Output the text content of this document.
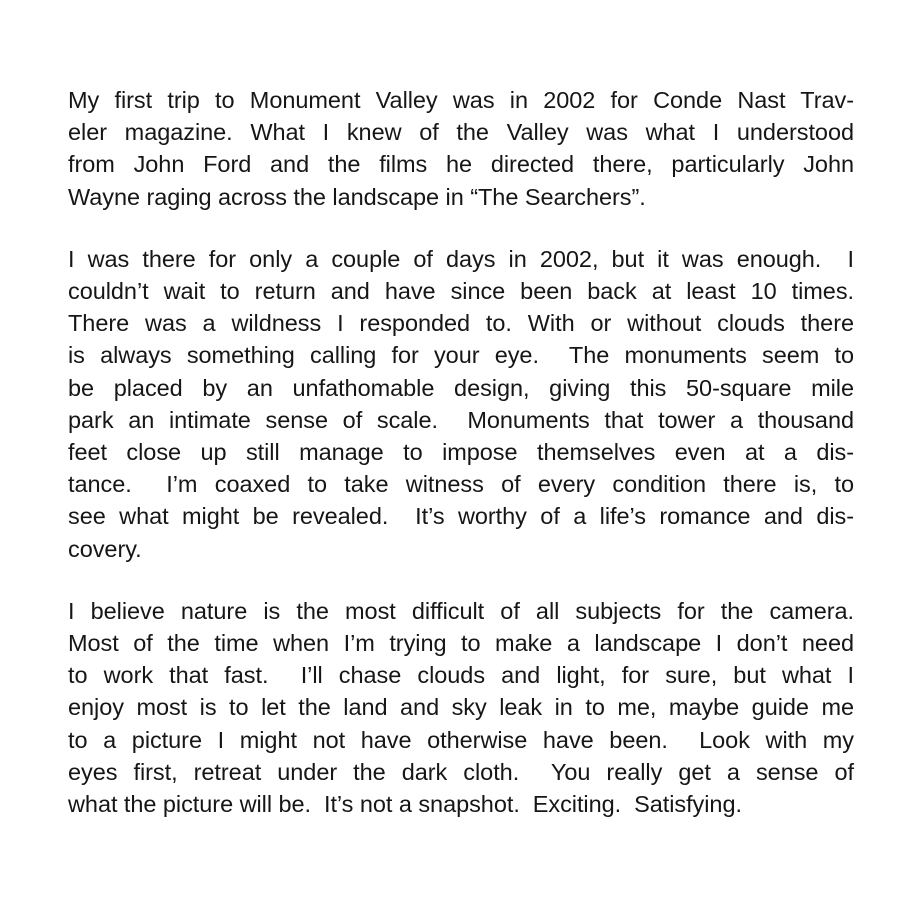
My first trip to Monument Valley was in 2002 for Conde Nast Trav-
eler magazine. What I knew of the Valley was what I understood
from John Ford and the films he directed there, particularly John
Wayne raging across the landscape in “The Searchers”.

I was there for only a couple of days in 2002, but it was enough.  I
couldn’t wait to return and have since been back at least 10 times.
There was a wildness I responded to. With or without clouds there
is always something calling for your eye.  The monuments seem to
be placed by an unfathomable design, giving this 50-square mile
park an intimate sense of scale.  Monuments that tower a thousand
feet close up still manage to impose themselves even at a dis-
tance.  I’m coaxed to take witness of every condition there is, to
see what might be revealed.  It’s worthy of a life’s romance and dis-
covery.

I believe nature is the most difficult of all subjects for the camera.
Most of the time when I’m trying to make a landscape I don’t need
to work that fast.  I’ll chase clouds and light, for sure, but what I
enjoy most is to let the land and sky leak in to me, maybe guide me
to a picture I might not have otherwise have been.  Look with my
eyes first, retreat under the dark cloth.  You really get a sense of
what the picture will be.  It’s not a snapshot.  Exciting.  Satisfying.
